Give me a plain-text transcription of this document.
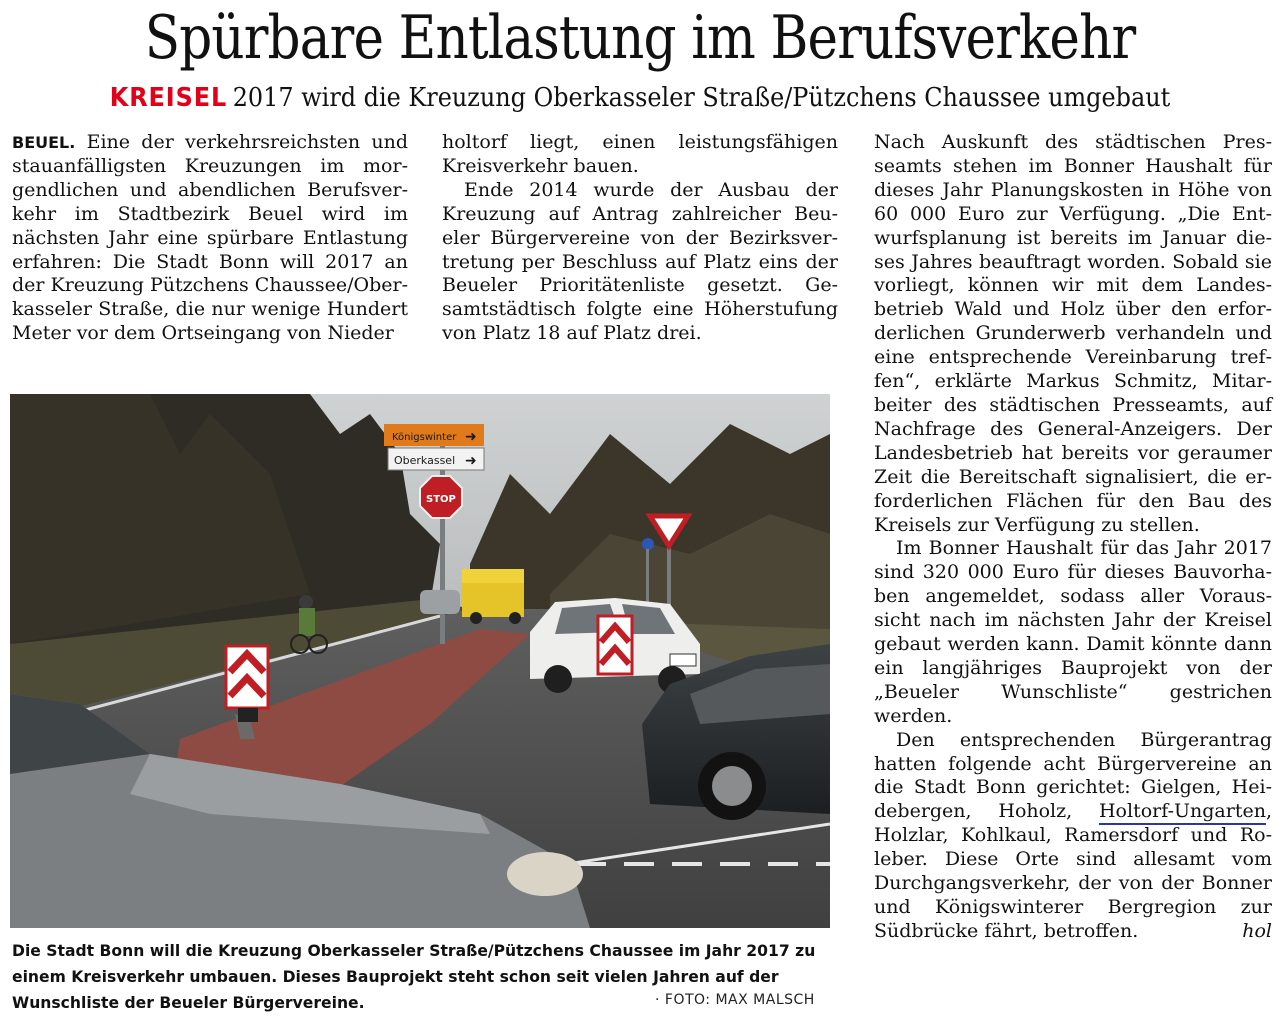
Spürbare Entlastung im Berufsverkehr
KREISEL 2017 wird die Kreuzung Oberkasseler Straße/Pützchens Chaussee umgebaut

BEUEL. Eine der verkehrsreichsten und stauanfälligsten Kreuzungen im morgendlichen und abendlichen Berufsverkehr im Stadtbezirk Beuel wird im nächsten Jahr eine spürbare Entlastung erfahren: Die Stadt Bonn will 2017 an der Kreuzung Pützchens Chaussee/Oberkasseler Straße, die nur wenige Hundert Meter vor dem Ortseingang von Nieder

holtorf liegt, einen leistungsfähigen Kreisverkehr bauen.

Ende 2014 wurde der Ausbau der Kreuzung auf Antrag zahlreicher Beueler Bürgervereine von der Bezirksvertretung per Beschluss auf Platz eins der Beueler Prioritätenliste gesetzt. Gesamtstädtisch folgte eine Höherstufung von Platz 18 auf Platz drei.

Nach Auskunft des städtischen Presseamts stehen im Bonner Haushalt für dieses Jahr Planungskosten in Höhe von 60 000 Euro zur Verfügung. „Die Entwurfsplanung ist bereits im Januar dieses Jahres beauftragt worden. Sobald sie vorliegt, können wir mit dem Landesbetrieb Wald und Holz über den erforderlichen Grunderwerb verhandeln und eine entsprechende Vereinbarung treffen“, erklärte Markus Schmitz, Mitarbeiter des städtischen Presseamts, auf Nachfrage des General-Anzeigers. Der Landesbetrieb hat bereits vor geraumer Zeit die Bereitschaft signalisiert, die erforderlichen Flächen für den Bau des Kreisels zur Verfügung zu stellen.

Im Bonner Haushalt für das Jahr 2017 sind 320 000 Euro für dieses Bauvorhaben angemeldet, sodass aller Voraussicht nach im nächsten Jahr der Kreisel gebaut werden kann. Damit könnte dann ein langjähriges Bauprojekt von der „Beueler Wunschliste“ gestrichen werden.

Den entsprechenden Bürgerantrag hatten folgende acht Bürgervereine an die Stadt Bonn gerichtet: Gielgen, Heidebergen, Hoholz, Holtorf-Ungarten, Holzlar, Kohlkaul, Ramersdorf und Roleber. Diese Orte sind allesamt vom Durchgangsverkehr, der von der Bonner und Königswinterer Bergregion zur Südbrücke fährt, betroffen.	hol

Königswinter ➜
Oberkassel ➜
STOP
Die Stadt Bonn will die Kreuzung Oberkasseler Straße/Pützchens Chaussee im Jahr 2017 zu einem Kreisverkehr umbauen. Dieses Bauprojekt steht schon seit vielen Jahren auf der Wunschliste der Beueler Bürgervereine.	· FOTO: MAX MALSCH
